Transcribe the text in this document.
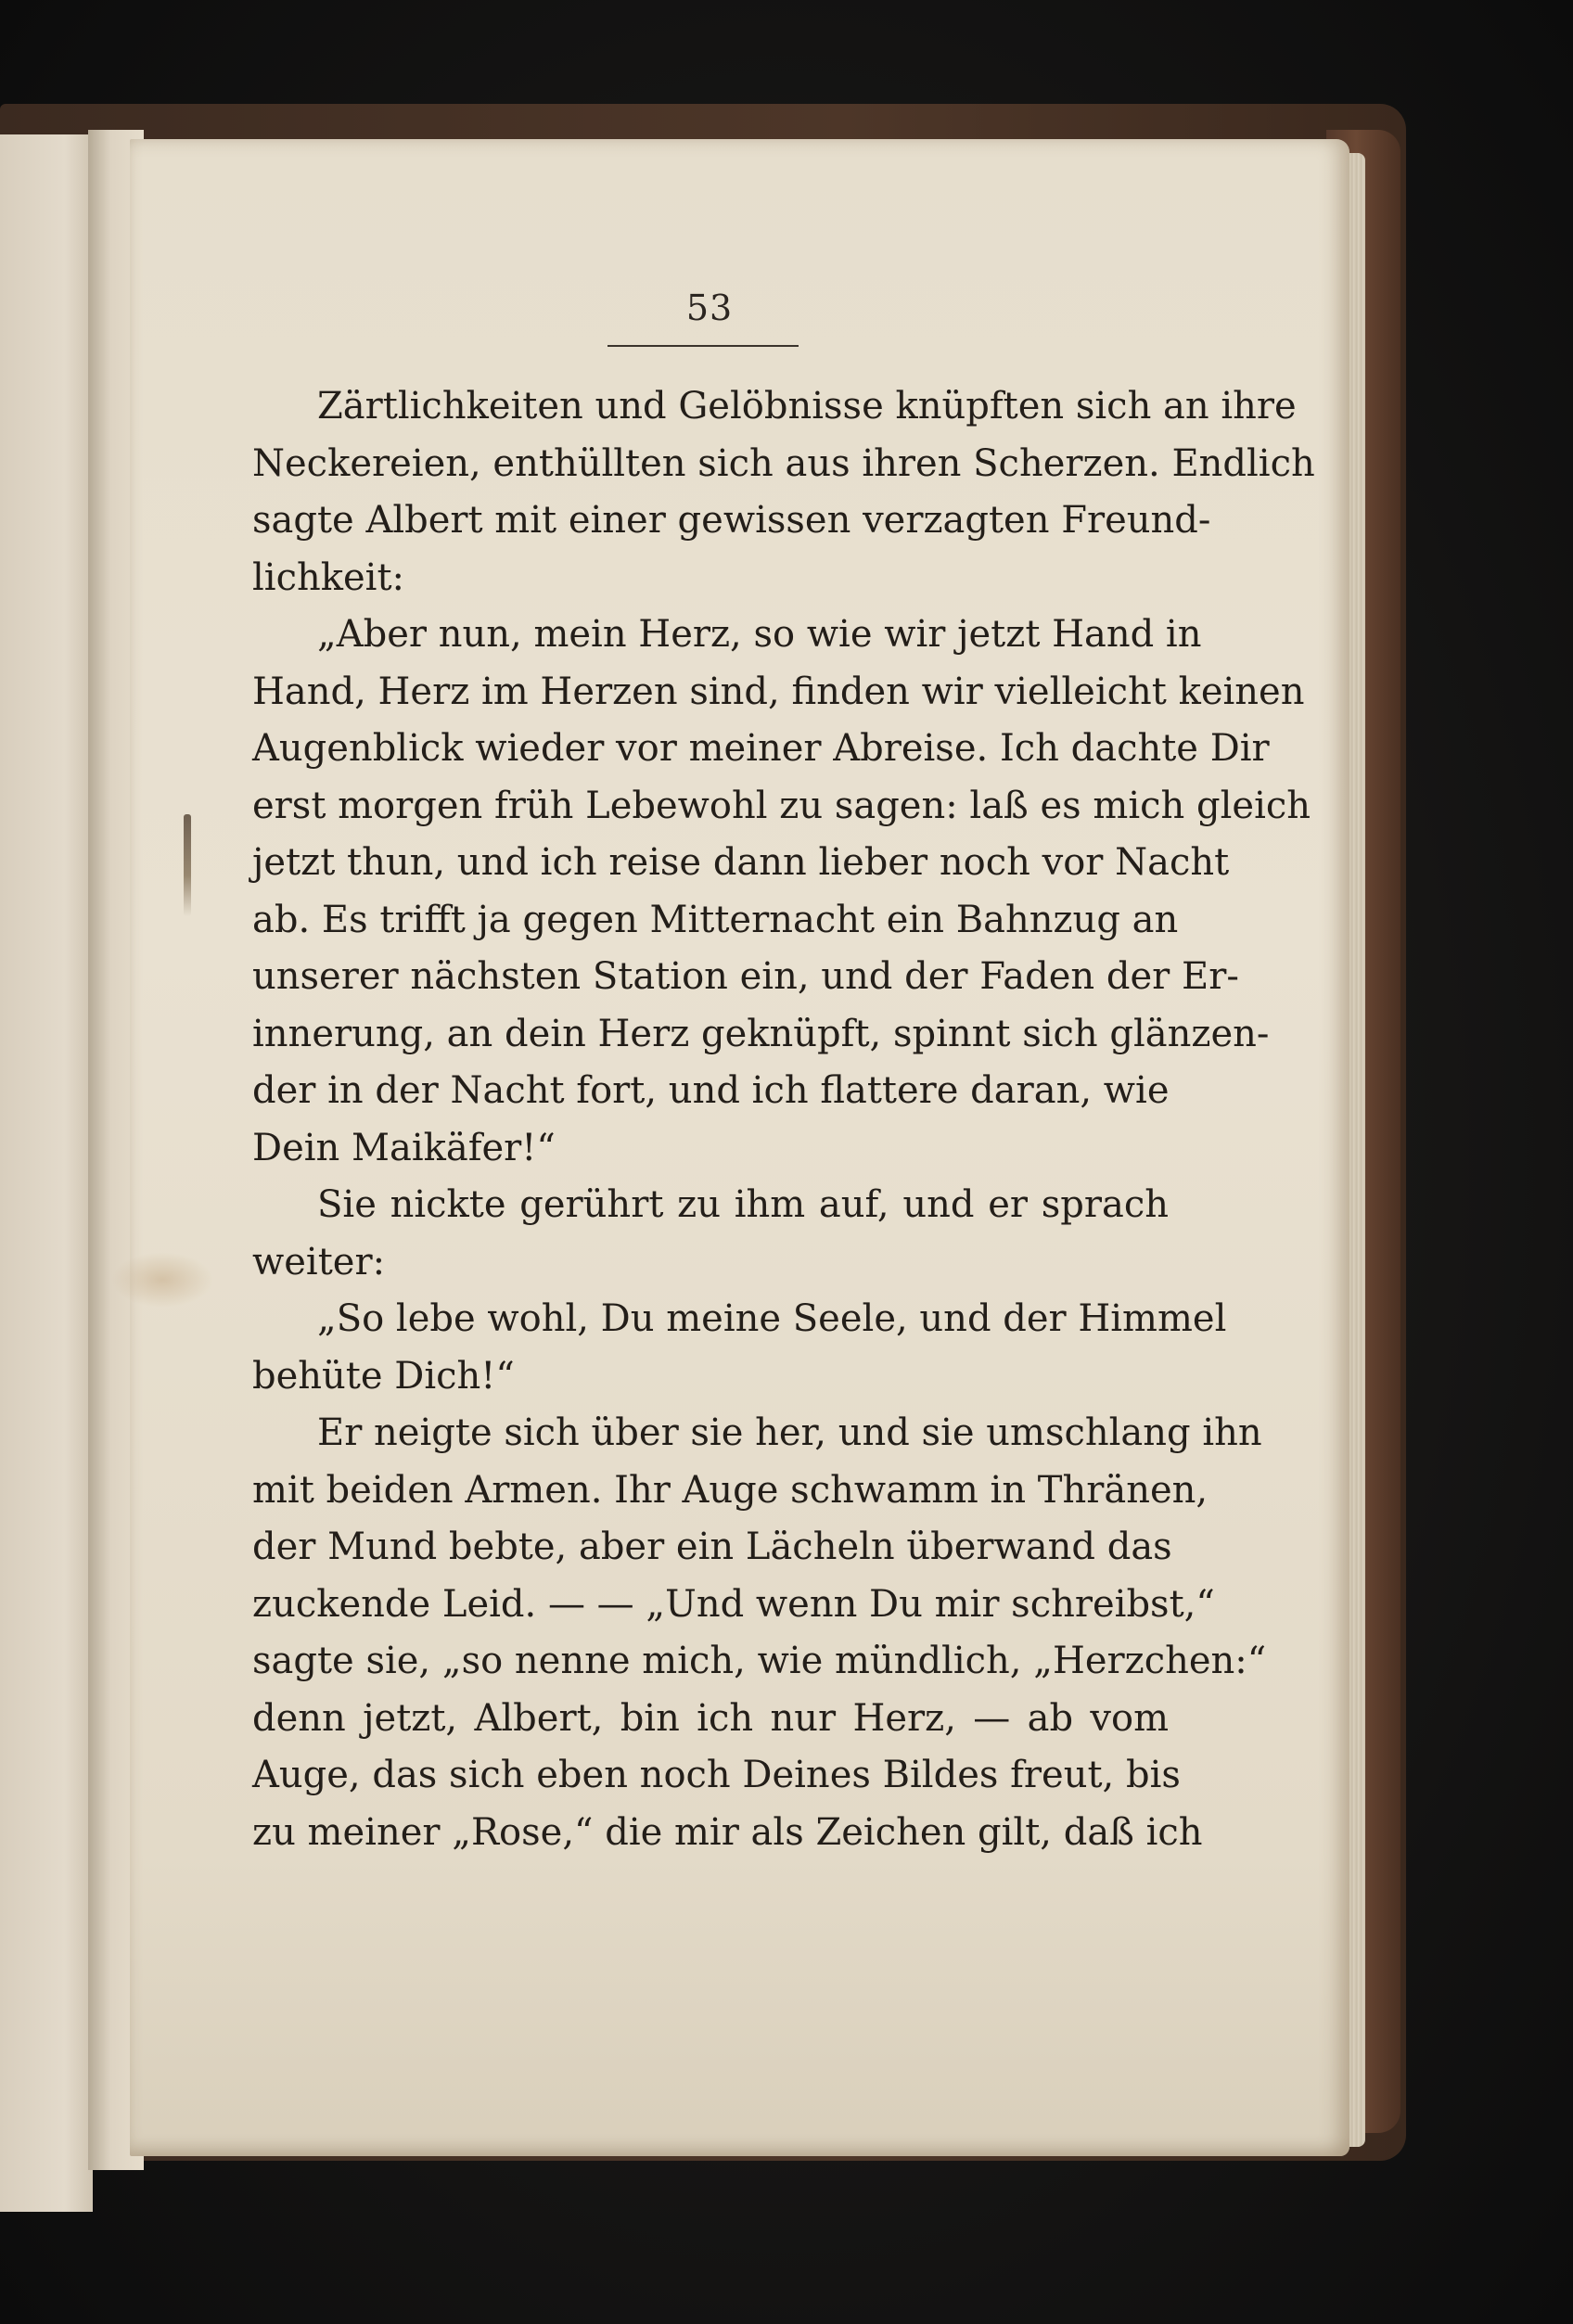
53
Zärtlichkeiten und Gelöbnisse knüpften sich an ihre
Neckereien, enthüllten sich aus ihren Scherzen. Endlich
sagte Albert mit einer gewissen verzagten Freund-
lichkeit:
„Aber nun, mein Herz, so wie wir jetzt Hand in
Hand, Herz im Herzen sind, finden wir vielleicht keinen
Augenblick wieder vor meiner Abreise. Ich dachte Dir
erst morgen früh Lebewohl zu sagen: laß es mich gleich
jetzt thun, und ich reise dann lieber noch vor Nacht
ab. Es trifft ja gegen Mitternacht ein Bahnzug an
unserer nächsten Station ein, und der Faden der Er-
innerung, an dein Herz geknüpft, spinnt sich glänzen-
der in der Nacht fort, und ich flattere daran, wie
Dein Maikäfer!“
Sie nickte gerührt zu ihm auf, und er sprach
weiter:
„So lebe wohl, Du meine Seele, und der Himmel
behüte Dich!“
Er neigte sich über sie her, und sie umschlang ihn
mit beiden Armen. Ihr Auge schwamm in Thränen,
der Mund bebte, aber ein Lächeln überwand das
zuckende Leid. — — „Und wenn Du mir schreibst,“
sagte sie, „so nenne mich, wie mündlich, „Herzchen:“
denn jetzt, Albert, bin ich nur Herz, — ab vom
Auge, das sich eben noch Deines Bildes freut, bis
zu meiner „Rose,“ die mir als Zeichen gilt, daß ich
